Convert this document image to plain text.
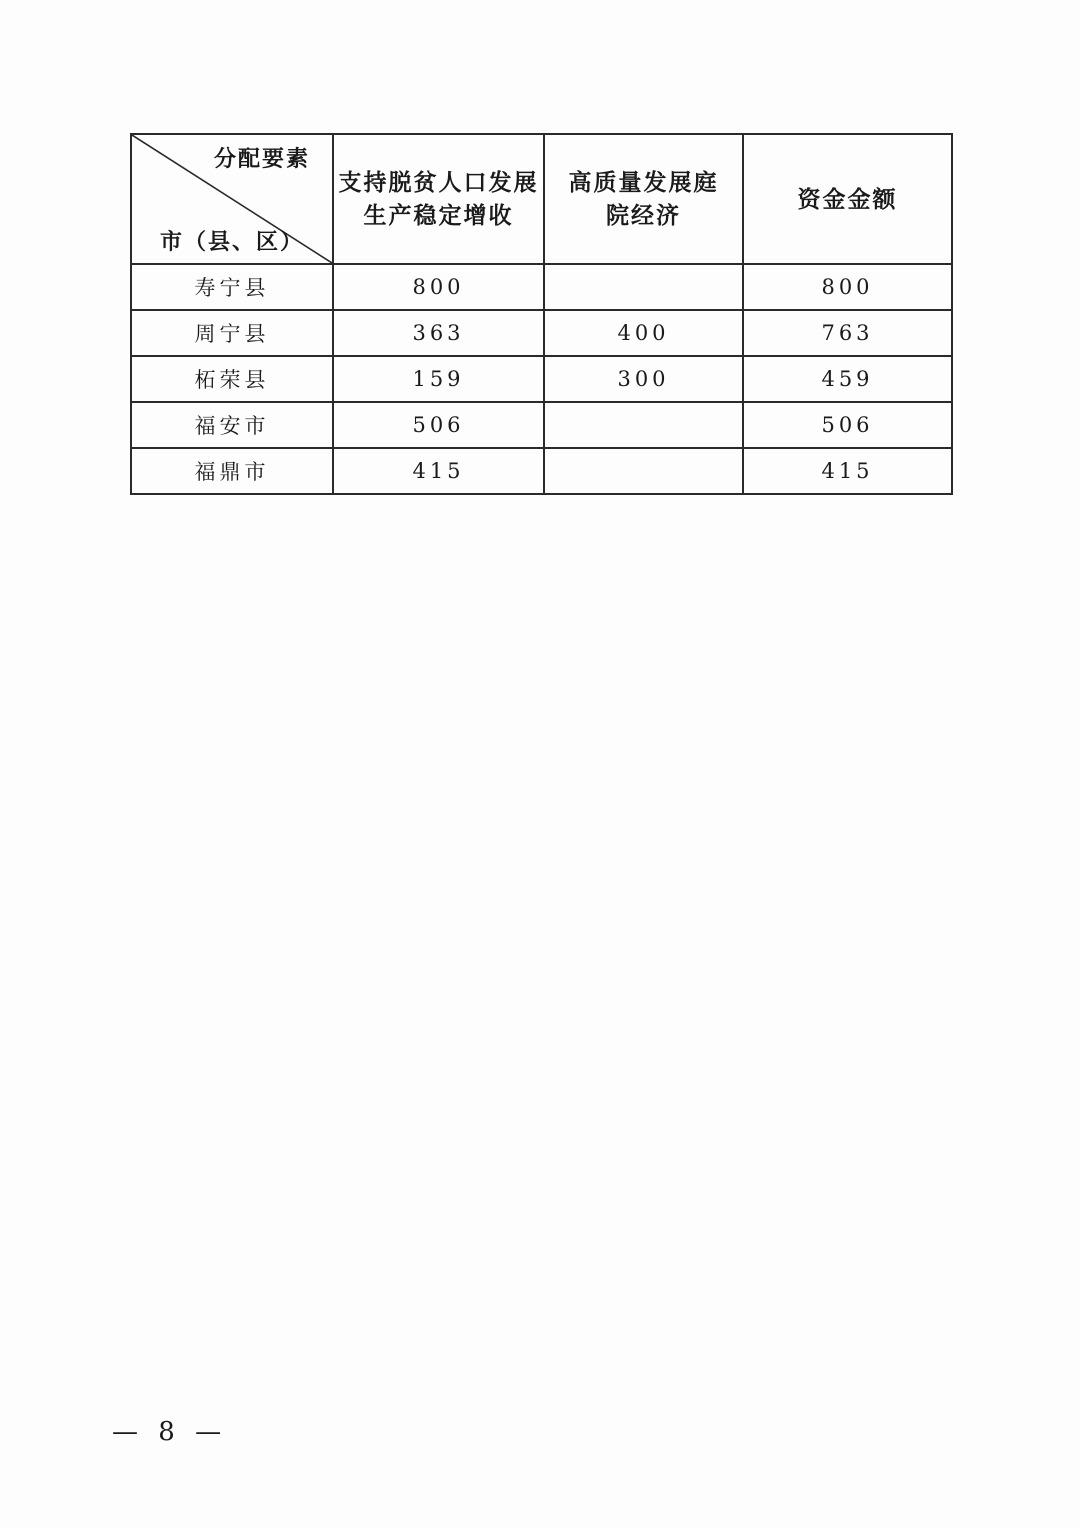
分配要素
市（县、区）	支持脱贫人口发展生产稳定增收	高质量发展庭院经济	资金金额
寿宁县	800		800
周宁县	363	400	763
柘荣县	159	300	459
福安市	506		506
福鼎市	415		415
— 8 —
